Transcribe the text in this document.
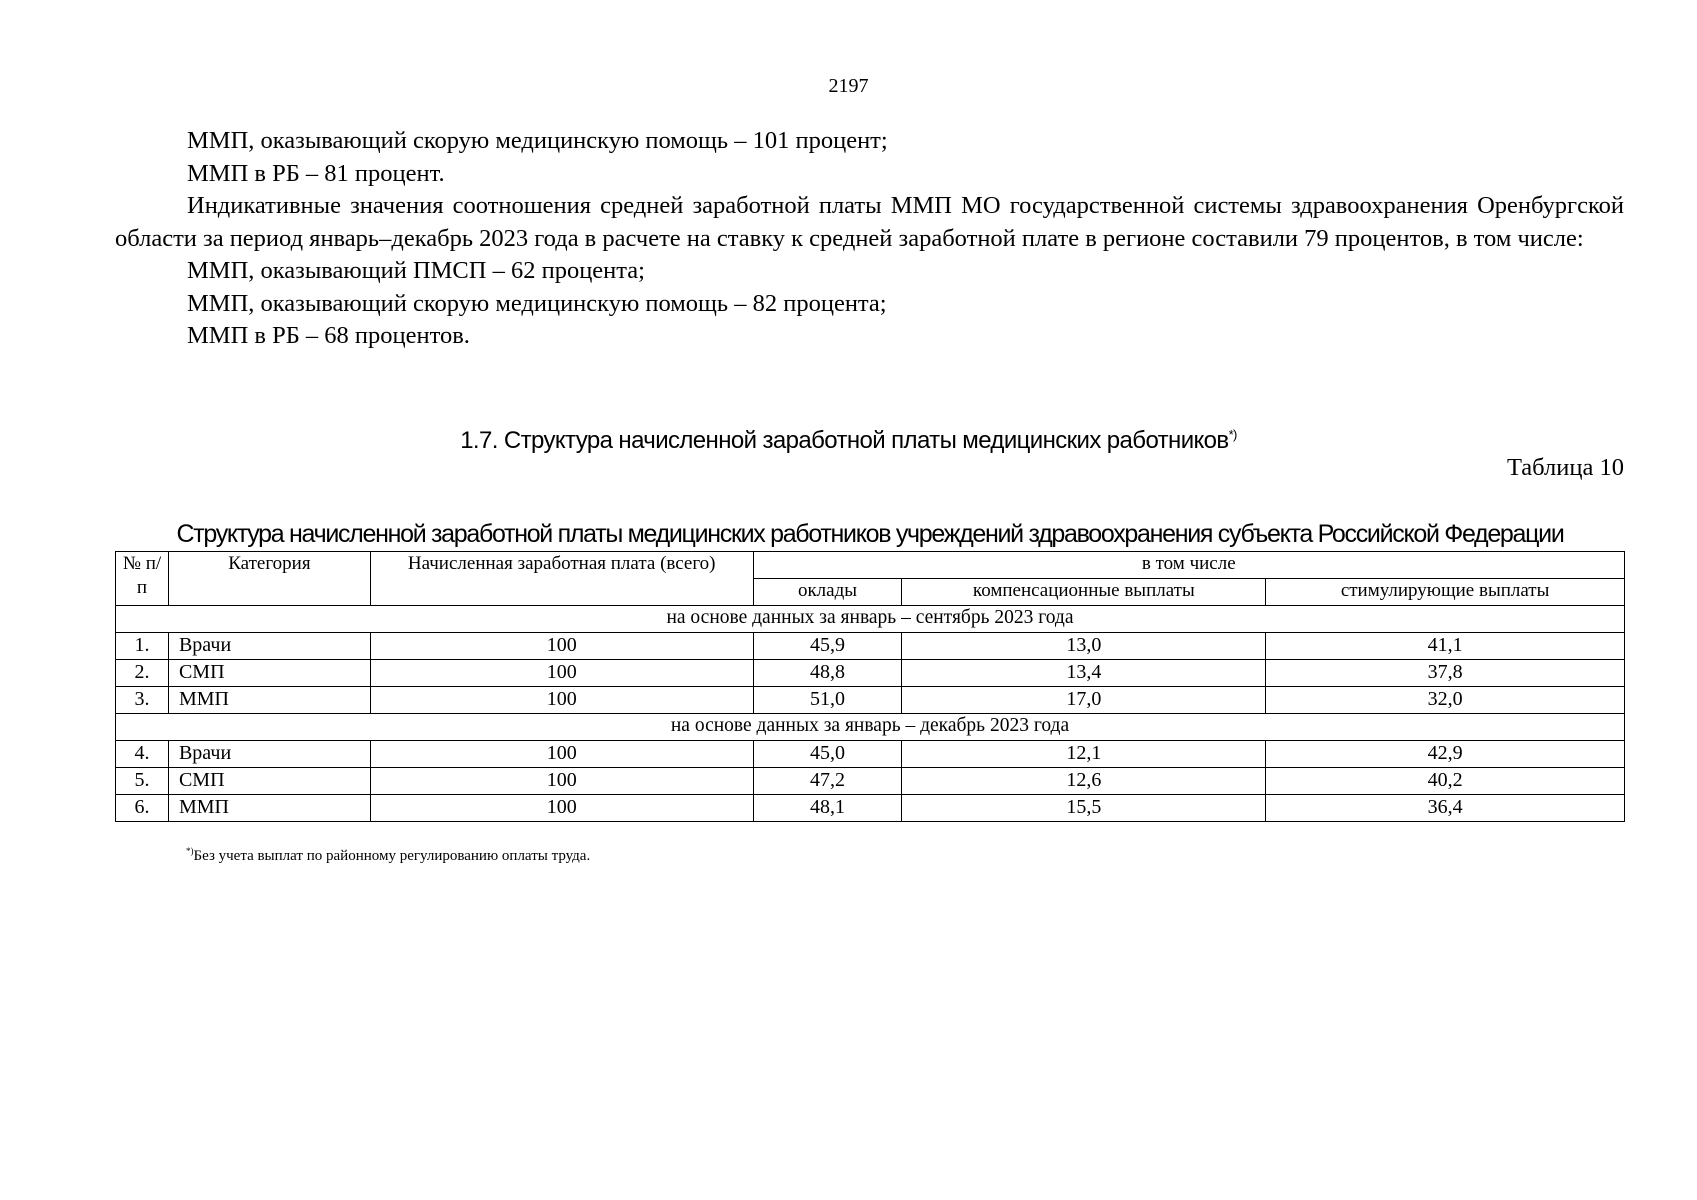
2197

ММП, оказывающий скорую медицинскую помощь – 101 процент;

ММП в РБ – 81 процент.

Индикативные значения соотношения средней заработной платы ММП МО государственной системы здравоохранения Оренбургской области за период январь–декабрь 2023 года в расчете на ставку к средней заработной плате в регионе составили 79 процентов, в том числе:

ММП, оказывающий ПМСП – 62 процента;

ММП, оказывающий скорую медицинскую помощь – 82 процента;

ММП в РБ – 68 процентов.

1.7. Структура начисленной заработной платы медицинских работников*)
Таблица 10
Структура начисленной заработной платы медицинских работников учреждений здравоохранения субъекта Российской Федерации
№ п/п	Категория	Начисленная заработная плата (всего)	в том числе		
			оклады	компенсационные выплаты	стимулирующие выплаты
на основе данных за январь – сентябрь 2023 года					
1.	Врачи	100	45,9	13,0	41,1
2.	СМП	100	48,8	13,4	37,8
3.	ММП	100	51,0	17,0	32,0
на основе данных за январь – декабрь 2023 года					
4.	Врачи	100	45,0	12,1	42,9
5.	СМП	100	47,2	12,6	40,2
6.	ММП	100	48,1	15,5	36,4
*)Без учета выплат по районному регулированию оплаты труда.
